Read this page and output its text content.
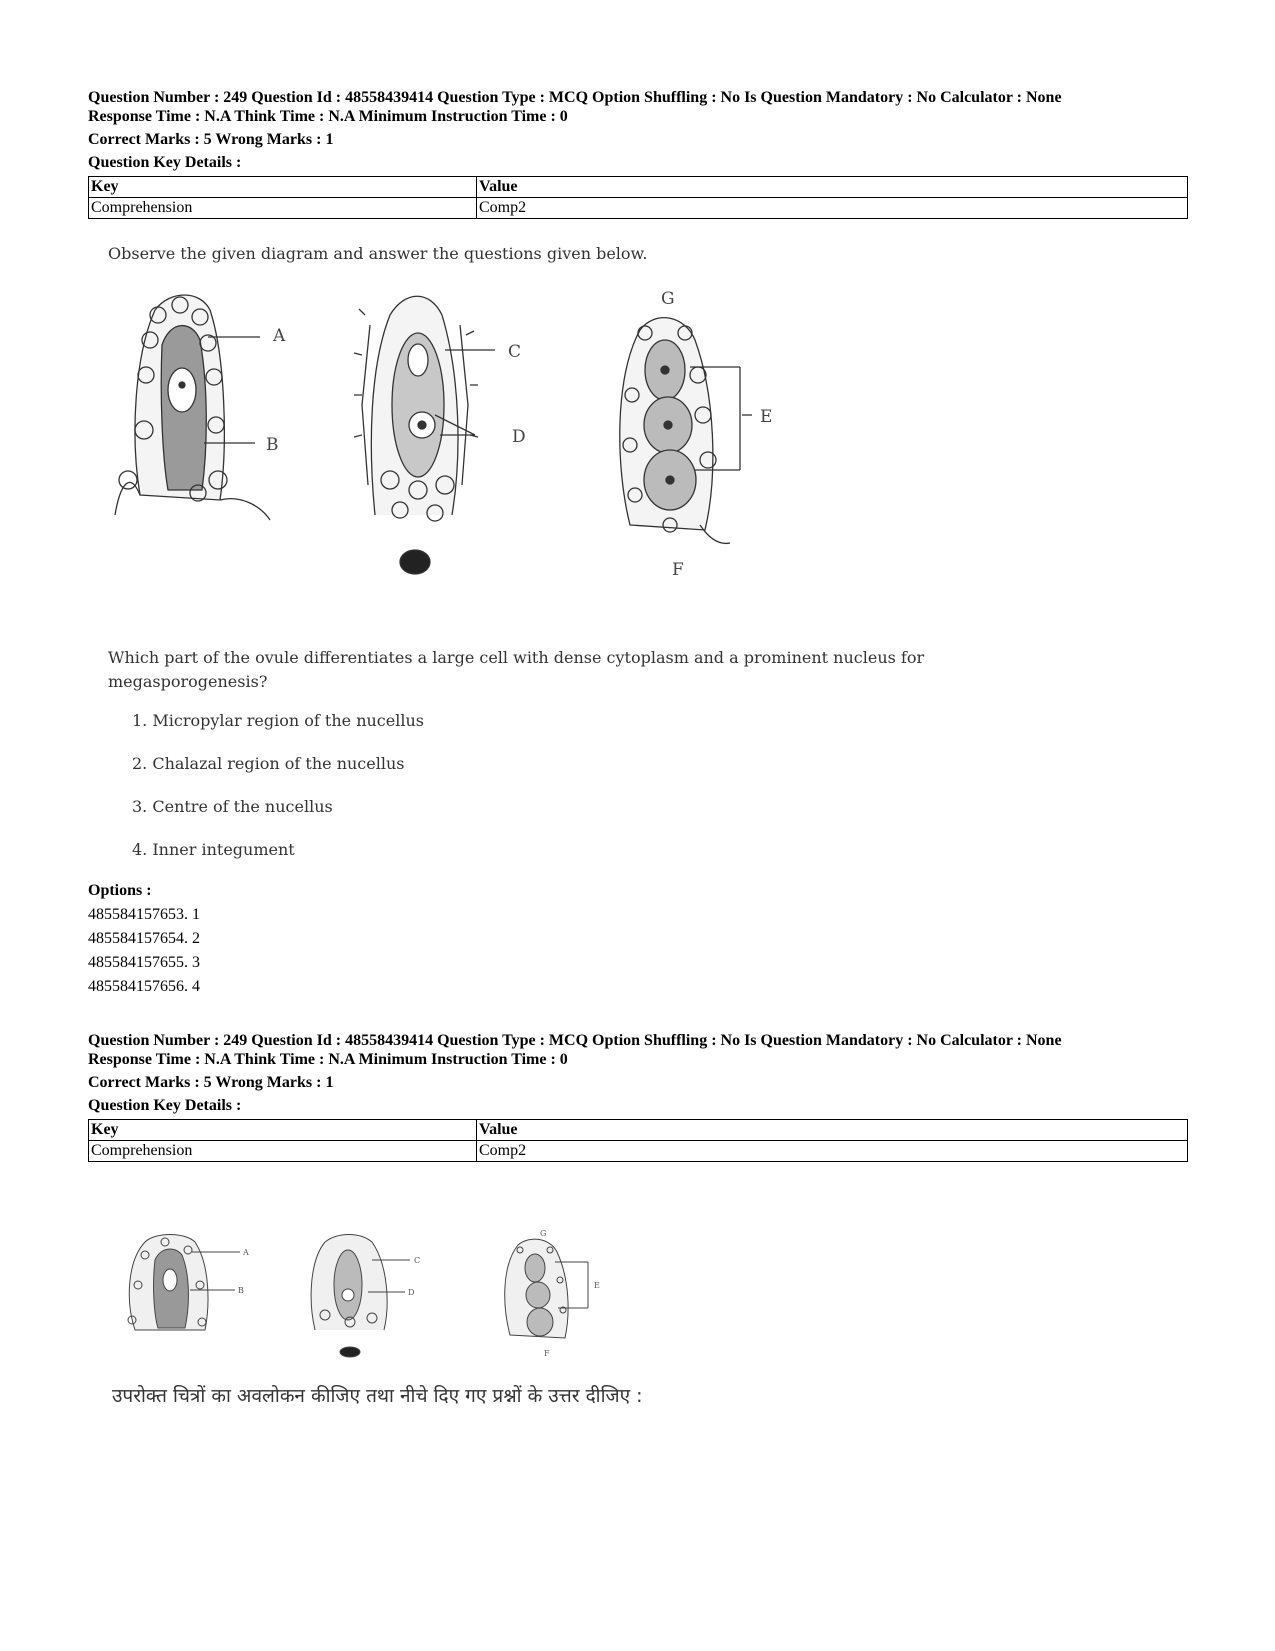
Question Number : 249 Question Id : 48558439414 Question Type : MCQ Option Shuffling : No Is Question Mandatory : No Calculator : None

Response Time : N.A Think Time : N.A Minimum Instruction Time : 0

Correct Marks : 5 Wrong Marks : 1

Question Key Details :

Key	Value
Comprehension	Comp2
Observe the given diagram and answer the questions given below.
A
B
C
D
G
E
F
Which part of the ovule differentiates a large cell with dense cytoplasm and a prominent nucleus for
megasporogenesis?
1. Micropylar region of the nucellus
2. Chalazal region of the nucellus
3. Centre of the nucellus
4. Inner integument
Options :
485584157653. 1
485584157654. 2
485584157655. 3
485584157656. 4

Question Number : 249 Question Id : 48558439414 Question Type : MCQ Option Shuffling : No Is Question Mandatory : No Calculator : None

Response Time : N.A Think Time : N.A Minimum Instruction Time : 0

Correct Marks : 5 Wrong Marks : 1

Question Key Details :

Key	Value
Comprehension	Comp2
A
B
C
D
G
E
F
उपरोक्त चित्रों का अवलोकन कीजिए तथा नीचे दिए गए प्रश्नों के उत्तर दीजिए :
